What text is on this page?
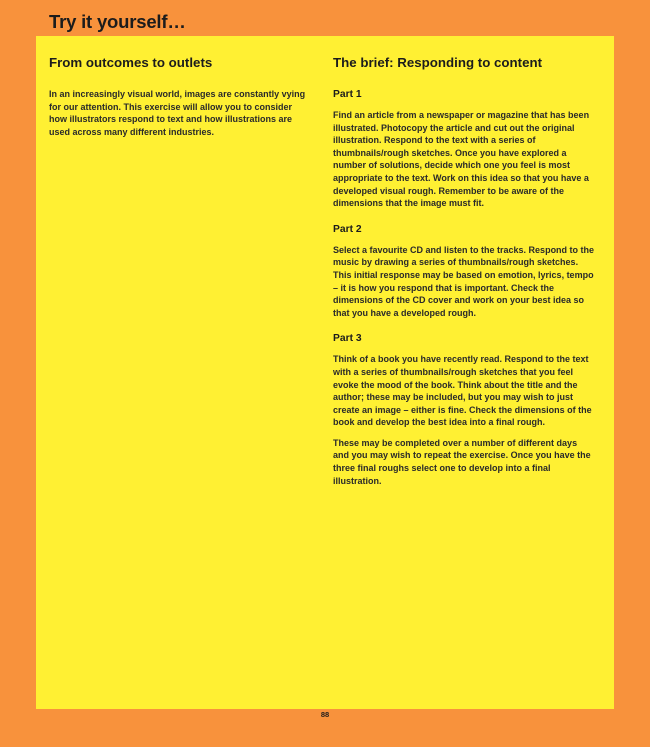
Try it yourself…
From outcomes to outlets

In an increasingly visual world, images are constantly vying for our attention. This exercise will allow you to consider how illustrators respond to text and how illustrations are used across many different industries.

The brief: Responding to content
Part 1

Find an article from a newspaper or magazine that has been illustrated. Photocopy the article and cut out the original illustration. Respond to the text with a series of thumbnails/rough sketches. Once you have explored a number of solutions, decide which one you feel is most appropriate to the text. Work on this idea so that you have a developed visual rough. Remember to be aware of the dimensions that the image must fit.

Part 2

Select a favourite CD and listen to the tracks. Respond to the music by drawing a series of thumbnails/rough sketches. This initial response may be based on emotion, lyrics, tempo – it is how you respond that is important. Check the dimensions of the CD cover and work on your best idea so that you have a developed rough.

Part 3

Think of a book you have recently read. Respond to the text with a series of thumbnails/rough sketches that you feel evoke the mood of the book. Think about the title and the author; these may be included, but you may wish to just create an image – either is fine. Check the dimensions of the book and develop the best idea into a final rough.

These may be completed over a number of different days and you may wish to repeat the exercise. Once you have the three final roughs select one to develop into a final illustration.

88
